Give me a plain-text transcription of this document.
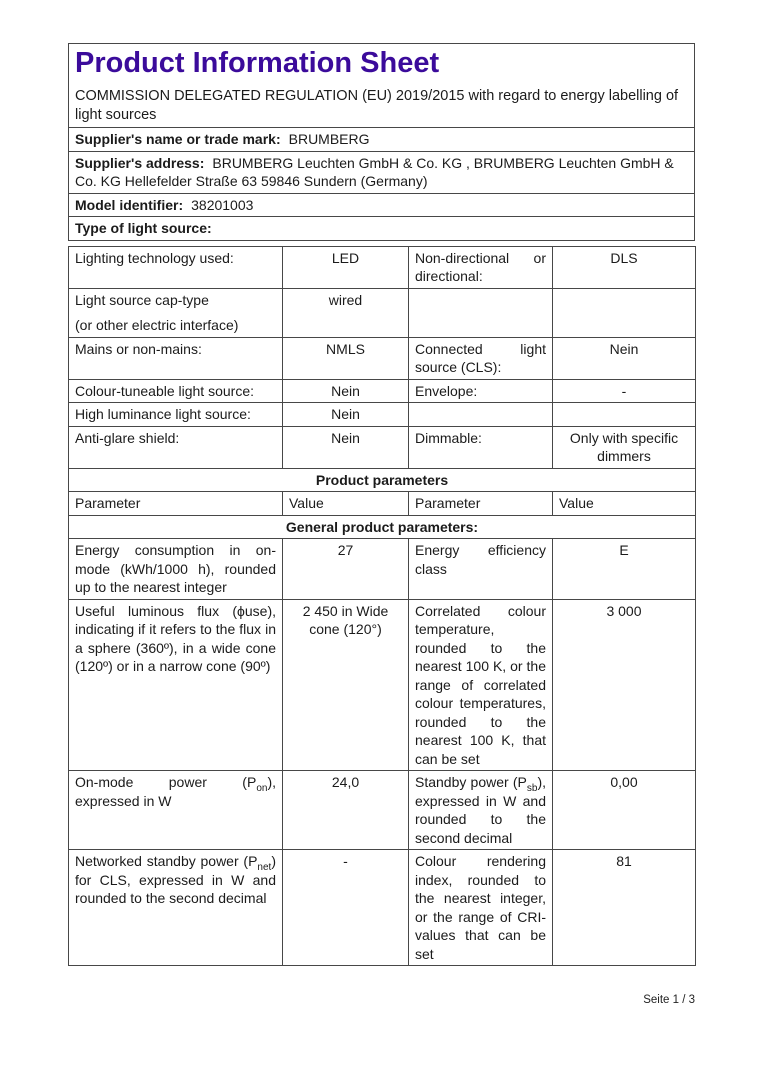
Product Information Sheet
COMMISSION DELEGATED REGULATION (EU) 2019/2015 with regard to energy labelling of light sources

Supplier's name or trade mark: BRUMBERG
Supplier's address: BRUMBERG Leuchten GmbH & Co. KG , BRUMBERG Leuchten GmbH & Co. KG Hellefelder Straße 63 59846 Sundern (Germany)
Model identifier: 38201003
Type of light source:
Lighting technology used:	LED	Non-directional or directional:	DLS

Light source cap-type
(or other electric interface)	wired		
Mains or non-mains:	NMLS	Connected light source (CLS):	Nein
Colour-tuneable light source:	Nein	Envelope:	-
High luminance light source:	Nein		
Anti-glare shield:	Nein	Dimmable:	Only with specific dimmers
Product parameters			
Parameter	Value	Parameter	Value
General product parameters:			
Energy consumption in on-mode (kWh/1000 h), rounded up to the nearest integer	27	Energy efficiency class	E
Useful luminous flux (ϕuse), indicating if it refers to the flux in a sphere (360º), in a wide cone (120º) or in a narrow cone (90º)	2 450 in Wide cone (120°)	Correlated colour temperature, rounded to the nearest 100 K, or the range of correlated colour temperatures, rounded to the nearest 100 K, that can be set	3 000
On-mode power $(P_{on})$, expressed in W	24,0	Standby power $(P_{sb})$, expressed in W and rounded to the second decimal	0,00
Networked standby power $(P_{net})$ for CLS, expressed in W and rounded to the second decimal	-	Colour rendering index, rounded to the nearest integer, or the range of CRI-values that can be set	81
Seite 1 / 3
